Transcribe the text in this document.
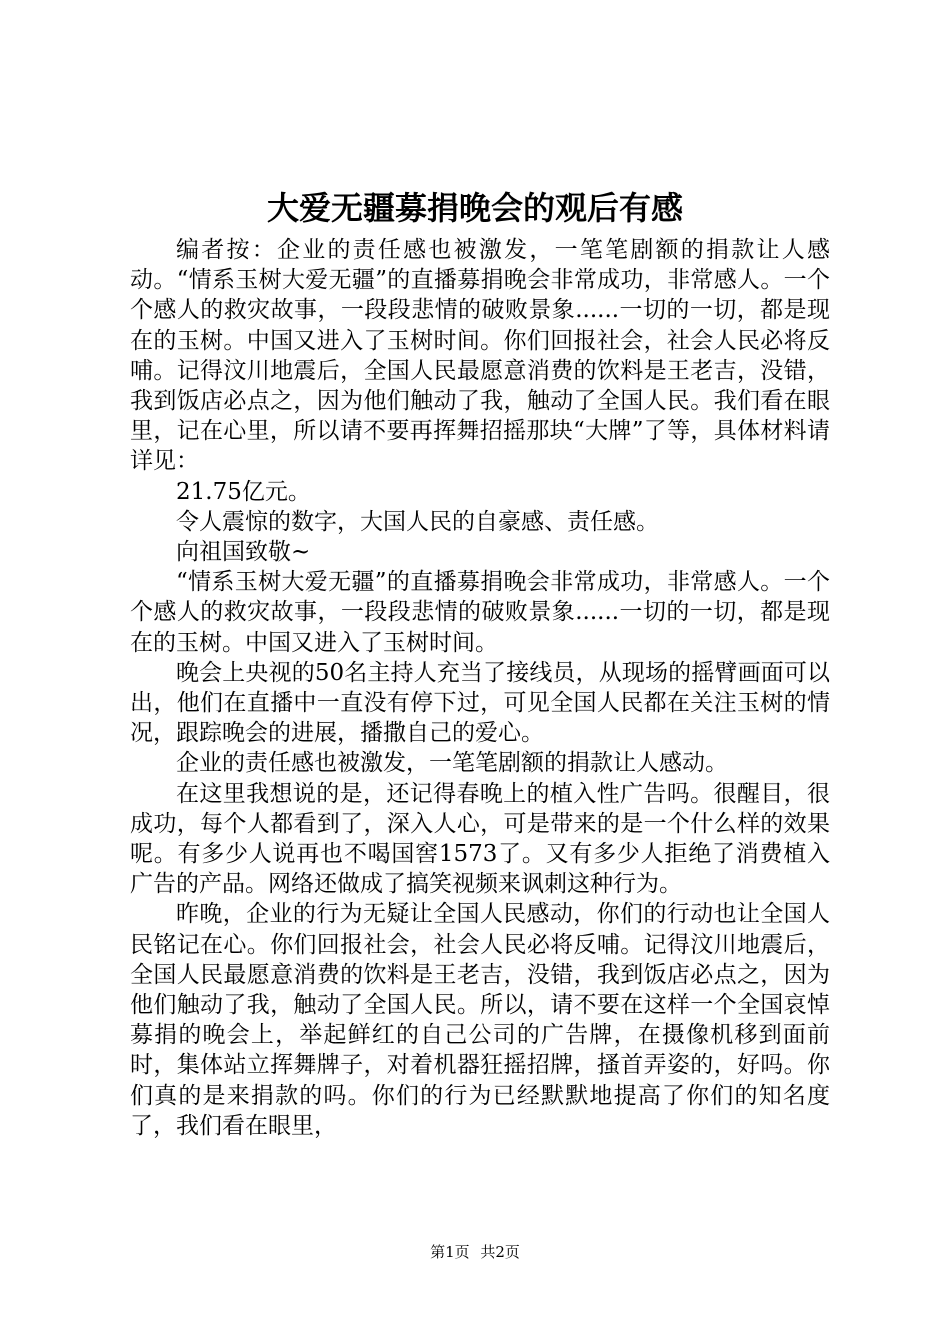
大爱无疆募捐晚会的观后有感

编者按：企业的责任感也被激发，一笔笔剧额的捐款让人感动。“情系玉树大爱无疆”的直播募捐晚会非常成功，非常感人。一个个感人的救灾故事，一段段悲情的破败景象......一切的一切，都是现在的玉树。中国又进入了玉树时间。你们回报社会，社会人民必将反哺。记得汶川地震后，全国人民最愿意消费的饮料是王老吉，没错，我到饭店必点之，因为他们触动了我，触动了全国人民。我们看在眼里，记在心里，所以请不要再挥舞招摇那块“大牌”了等，具体材料请详见：

21.75亿元。

令人震惊的数字，大国人民的自豪感、责任感。

向祖国致敬~

“情系玉树大爱无疆”的直播募捐晚会非常成功，非常感人。一个个感人的救灾故事，一段段悲情的破败景象......一切的一切，都是现在的玉树。中国又进入了玉树时间。

晚会上央视的50名主持人充当了接线员，从现场的摇臂画面可以出，他们在直播中一直没有停下过，可见全国人民都在关注玉树的情况，跟踪晚会的进展，播撒自己的爱心。

企业的责任感也被激发，一笔笔剧额的捐款让人感动。

在这里我想说的是，还记得春晚上的植入性广告吗。很醒目，很成功，每个人都看到了，深入人心，可是带来的是一个什么样的效果呢。有多少人说再也不喝国窖1573了。又有多少人拒绝了消费植入广告的产品。网络还做成了搞笑视频来讽刺这种行为。

昨晚，企业的行为无疑让全国人民感动，你们的行动也让全国人民铭记在心。你们回报社会，社会人民必将反哺。记得汶川地震后，全国人民最愿意消费的饮料是王老吉，没错，我到饭店必点之，因为他们触动了我，触动了全国人民。所以，请不要在这样一个全国哀悼募捐的晚会上，举起鲜红的自己公司的广告牌，在摄像机移到面前时，集体站立挥舞牌子，对着机器狂摇招牌，搔首弄姿的，好吗。你们真的是来捐款的吗。你们的行为已经默默地提高了你们的知名度了，我们看在眼里，

第1页 共2页
